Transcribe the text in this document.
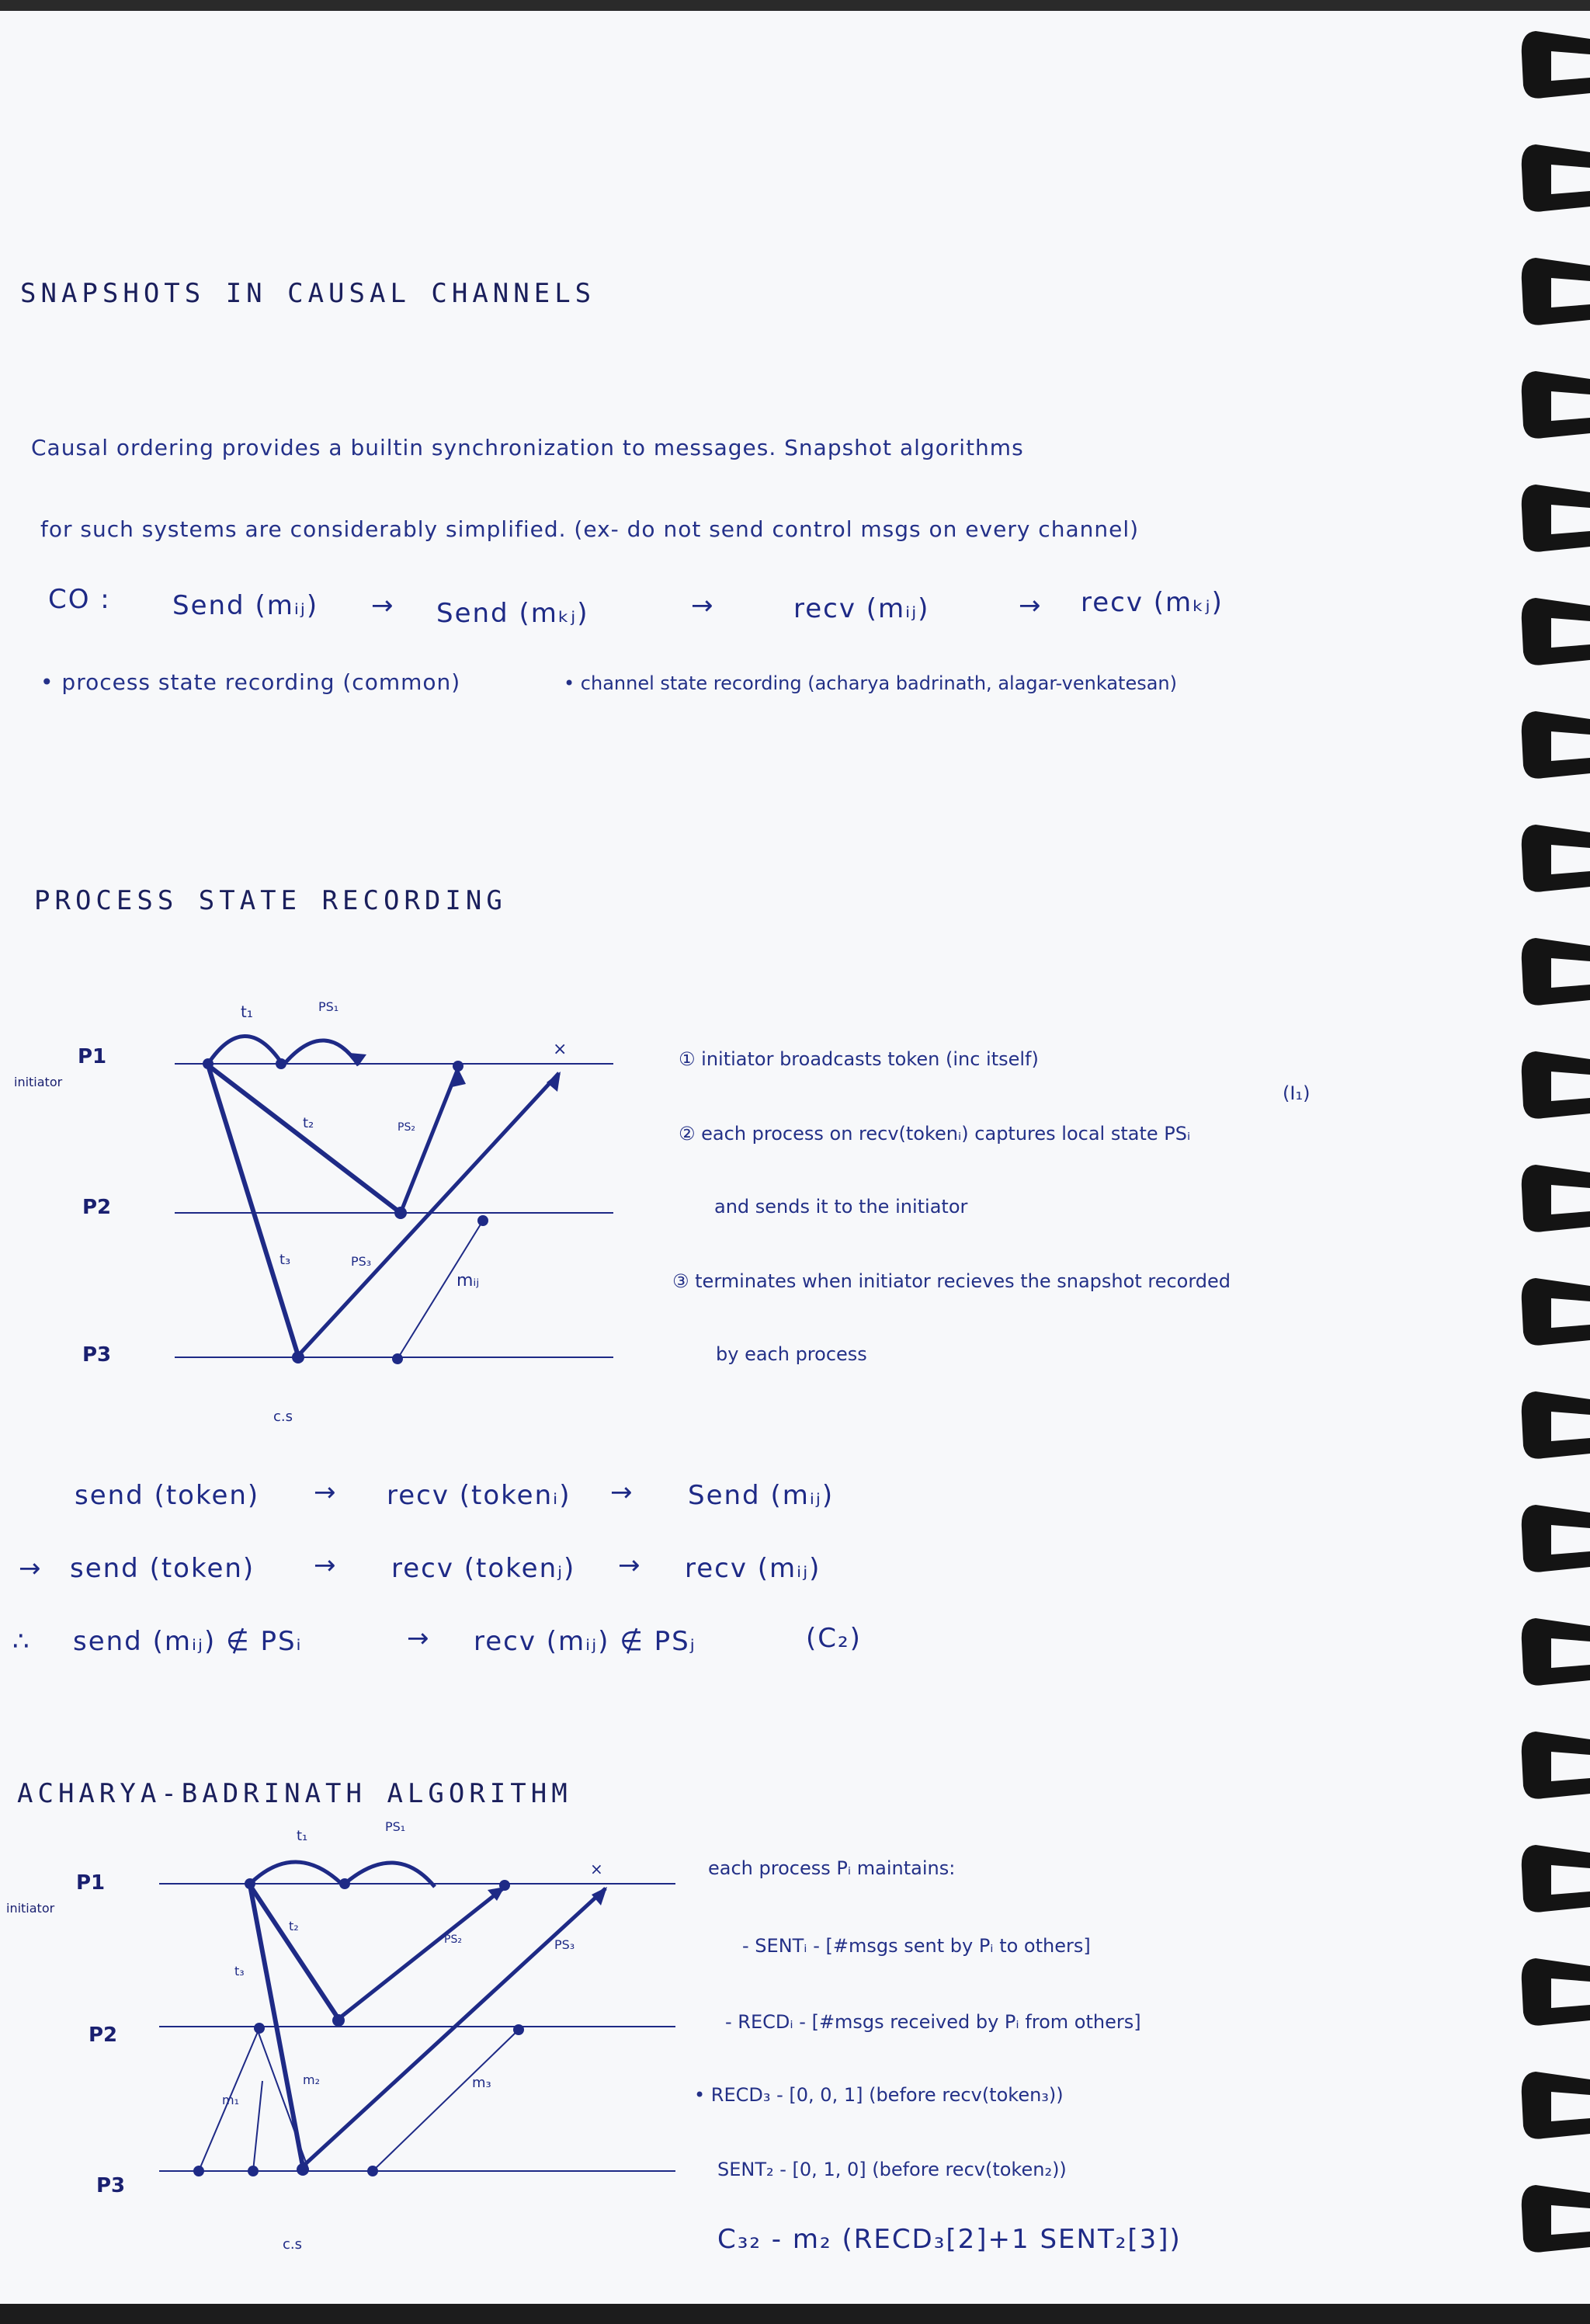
SNAPSHOTS IN CAUSAL CHANNELS
Causal ordering provides a builtin synchronization to messages. Snapshot algorithms
for such systems are considerably simplified. (ex- do not send control msgs on every channel)
CO : Send (mᵢⱼ) → Send (mₖⱼ)	→	recv (mᵢⱼ)	→ recv (mₖⱼ)
• process state recording (common)	• channel state recording (acharya badrinath, alagar-venkatesan)
PROCESS STATE RECORDING
P1
initiator
P2
P3
t₁	PS₁
t₂	PS₂
t₃	PS₃
mᵢⱼ
×
c.s
① initiator broadcasts token (inc itself)
(I₁)
② each process on recv(tokenᵢ) captures local state PSᵢ
and sends it to the initiator
③ terminates when initiator recieves the snapshot recorded
by each process
send (token) → recv (tokenᵢ) → Send (mᵢⱼ)
→ send (token) → recv (tokenⱼ) → recv (mᵢⱼ)
∴ send (mᵢⱼ) ∉ PSᵢ	→ recv (mᵢⱼ) ∉ PSⱼ	(C₂)
ACHARYA-BADRINATH ALGORITHM
P1
initiator
P2
P3
t₁
PS₁
t₂
t₃
PS₂	PS₃
m₁
m₂	m₃
×
c.s
each process Pᵢ maintains:
- SENTᵢ - [#msgs sent by Pᵢ to others]
- RECDᵢ - [#msgs received by Pᵢ from others]
• RECD₃ - [0, 0, 1] (before recv(token₃))
SENT₂ - [0, 1, 0] (before recv(token₂))
C₃₂ - m₂ (RECD₃[2]+1 SENT₂[3])
